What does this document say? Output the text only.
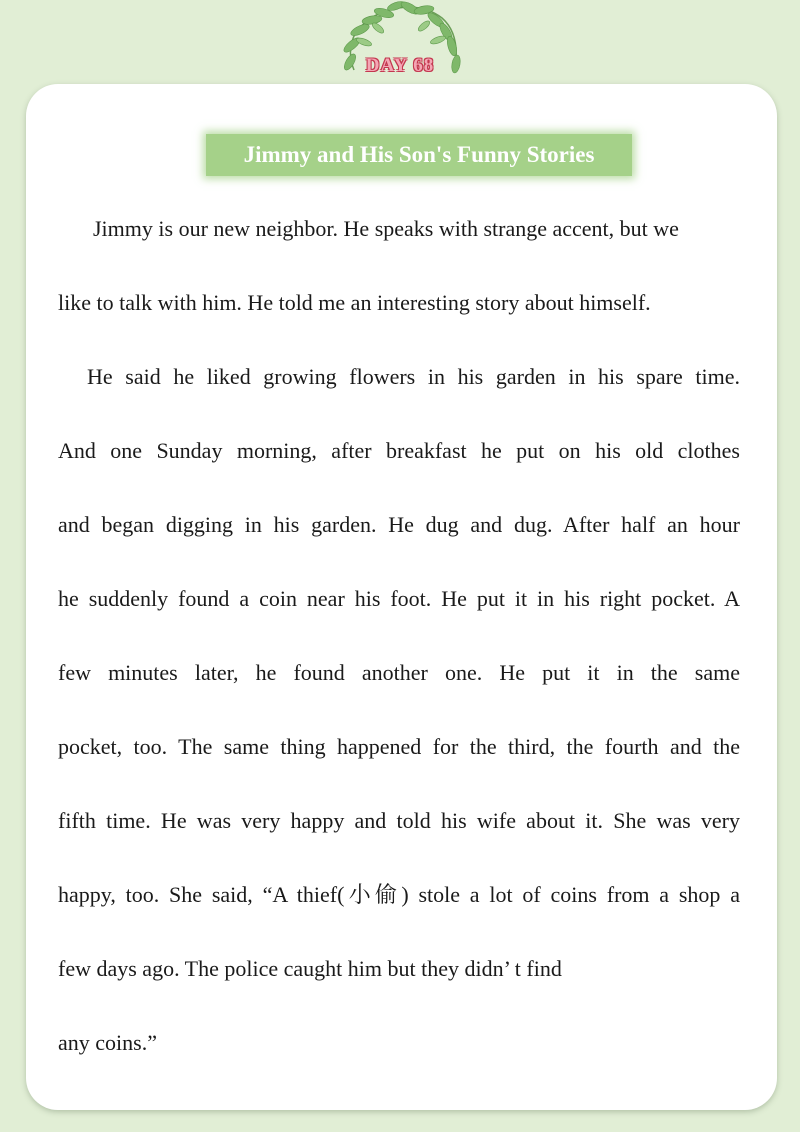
DAY 68
Jimmy and His Son's Funny Stories
Jimmy is our new neighbor. He speaks with strange accent, but we
like to talk with him. He told me an interesting story about himself.
He said he liked growing flowers in his garden in his spare time.
And one Sunday morning, after breakfast he put on his old clothes
and began digging in his garden. He dug and dug. After half an hour
he suddenly found a coin near his foot. He put it in his right pocket. A
few minutes later, he found another one. He put it in the same
pocket, too. The same thing happened for the third, the fourth and the
fifth time. He was very happy and told his wife about it. She was very
happy, too. She said, “A thief(小偷) stole a lot of coins from a shop a
few days ago. The police caught him but they didn’ t find
any coins.”
